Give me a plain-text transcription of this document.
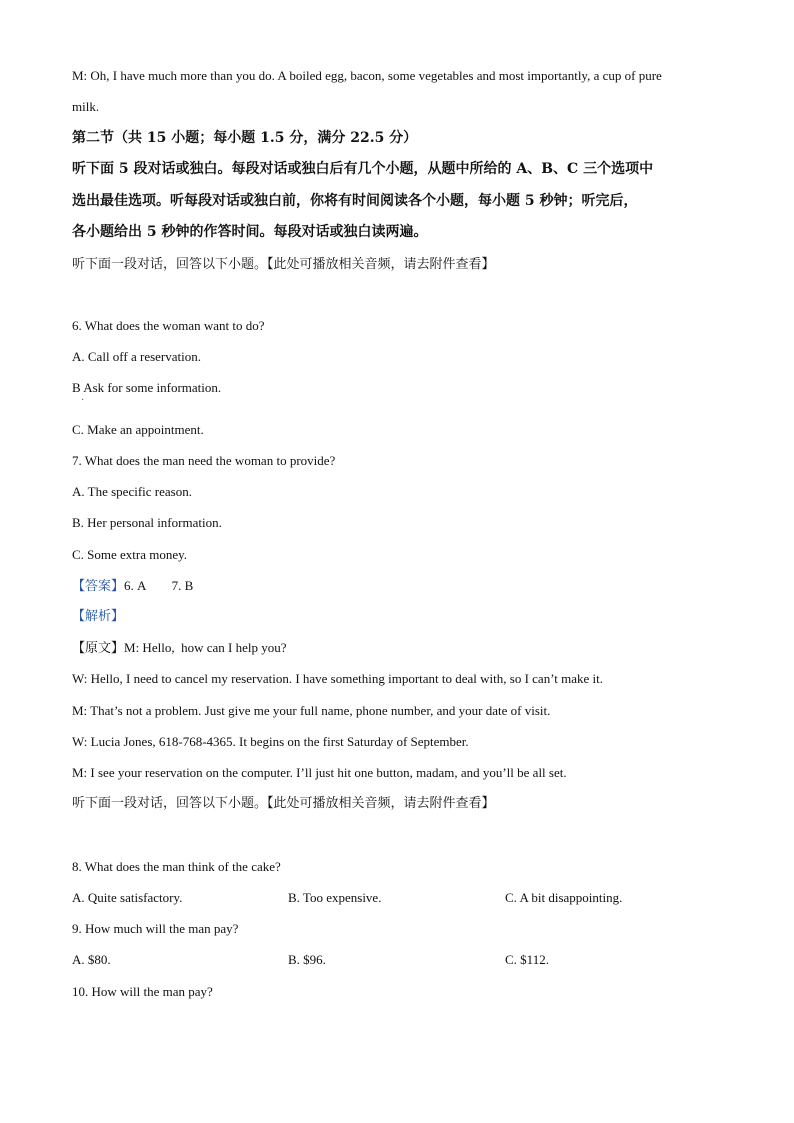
M: Oh, I have much more than you do. A boiled egg, bacon, some vegetables and most importantly, a cup of pure
milk.
第二节（共 15 小题；每小题 1.5 分，满分 22.5 分）
听下面 5 段对话或独白。每段对话或独白后有几个小题，从题中所给的 A、B、C 三个选项中
选出最佳选项。听每段对话或独白前，你将有时间阅读各个小题，每小题 5 秒钟；听完后，
各小题给出 5 秒钟的作答时间。每段对话或独白读两遍。
听下面一段对话，回答以下小题。【此处可播放相关音频，请去附件查看】
6. What does the woman want to do?
A. Call off a reservation.
B Ask for some information.
·
C. Make an appointment.
7. What does the man need the woman to provide?
A. The specific reason.
B. Her personal information.
C. Some extra money.
【答案】6. A        7. B
【解析】
【原文】M: Hello,  how can I help you?
W: Hello, I need to cancel my reservation. I have something important to deal with, so I can’t make it.
M: That’s not a problem. Just give me your full name, phone number, and your date of visit.
W: Lucia Jones, 618-768-4365. It begins on the first Saturday of September.
M: I see your reservation on the computer. I’ll just hit one button, madam, and you’ll be all set.
听下面一段对话，回答以下小题。【此处可播放相关音频，请去附件查看】
8. What does the man think of the cake?
A. Quite satisfactory.	B. Too expensive.	C. A bit disappointing.
9. How much will the man pay?
A. $80.	B. $96.	C. $112.
10. How will the man pay?
